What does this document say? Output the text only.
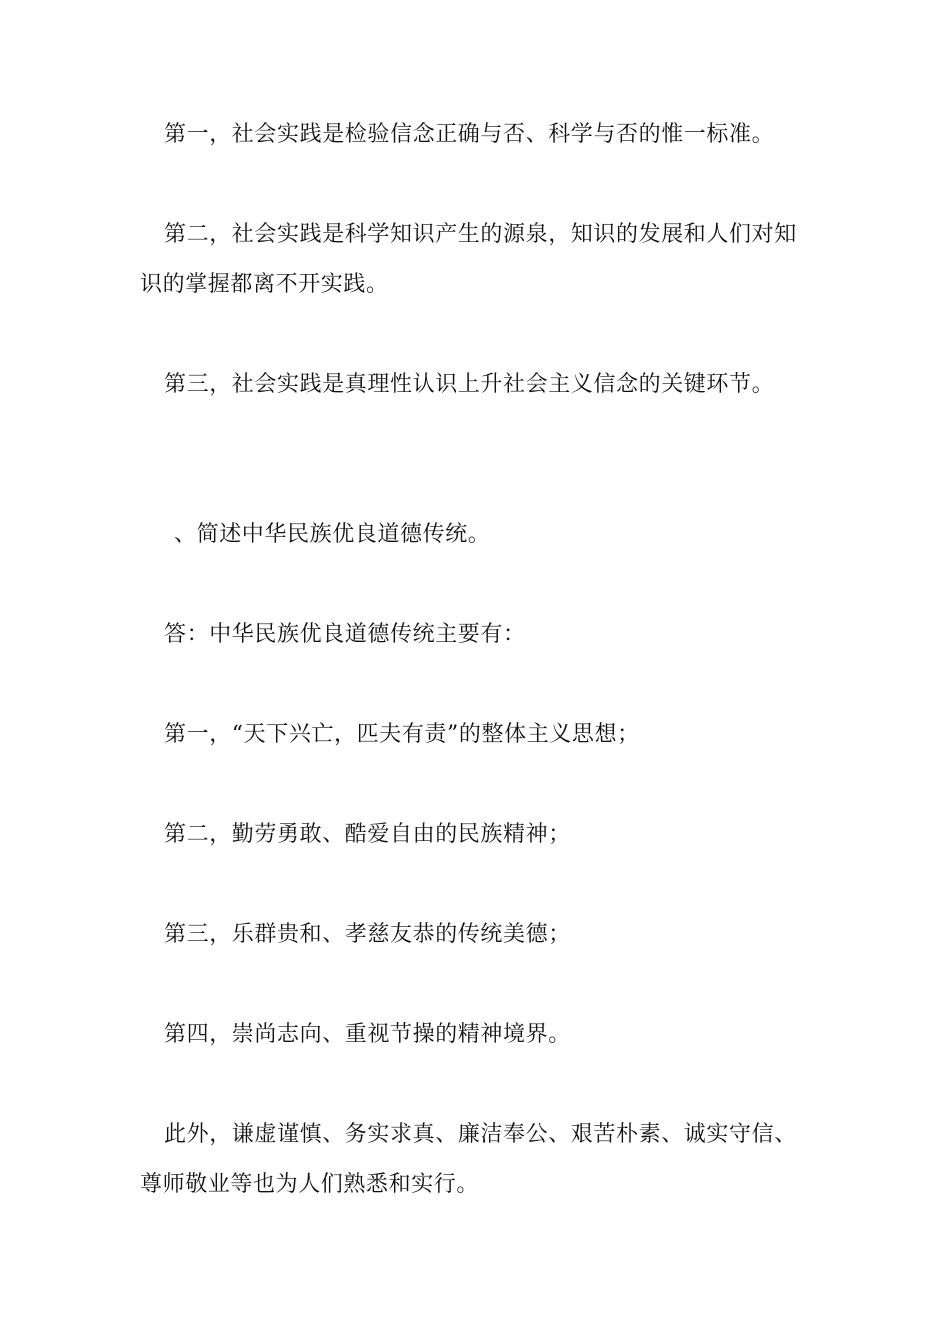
第一，社会实践是检验信念正确与否、科学与否的惟一标准。

第二，社会实践是科学知识产生的源泉，知识的发展和人们对知识的掌握都离不开实践。

第三，社会实践是真理性认识上升社会主义信念的关键环节。

、简述中华民族优良道德传统。

答：中华民族优良道德传统主要有：

第一，“天下兴亡，匹夫有责”的整体主义思想；

第二，勤劳勇敢、酷爱自由的民族精神；

第三，乐群贵和、孝慈友恭的传统美德；

第四，崇尚志向、重视节操的精神境界。

此外，谦虚谨慎、务实求真、廉洁奉公、艰苦朴素、诚实守信、尊师敬业等也为人们熟悉和实行。
